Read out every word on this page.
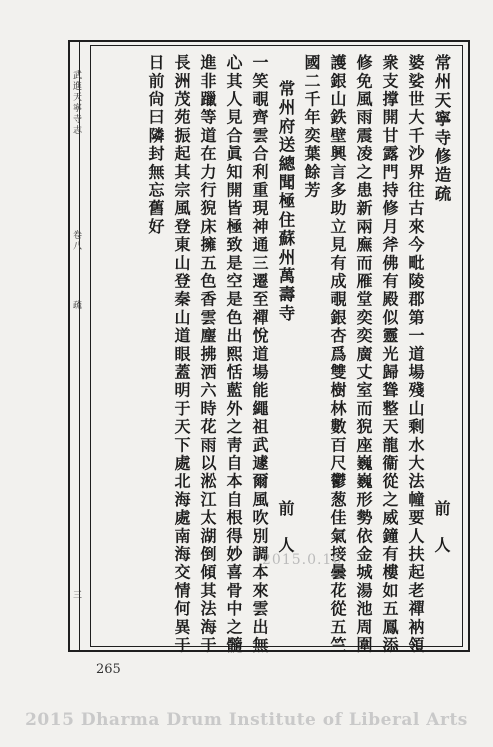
武進天寧寺志
卷八
疏
三
常州天寧寺修造疏
婆娑世大千沙界往古來今毗陵郡第一道場殘山剩水大法幢要人扶起老禪衲領
衆支撑開甘露門持修月斧佛有殿似靈光歸聳整天龍衞從之威鐘有樓如五鳳添
修免風雨震凌之患新兩廡而雁堂奕奕廣丈室而猊座巍巍形勢依金城湯池周圍
護銀山鉄壁興言多助立見有成覗銀杏爲雙樹林數百尺鬱葱佳氣接曇花從五竺
國二千年奕葉餘芳
常州府送總聞極住蘇州萬壽寺
一笑覗齊雲合利重現神通三遷至禪悅道場能繩祖武遽爾風吹別調本來雲出無
心其人見合眞知開皆極致是空是色出熙恬藍外之靑自本自根得妙喜骨中之髓
進非躐等道在力行猊床擁五色香雲麈拂洒六時花雨以淞江太湖倒傾其法海于
長洲茂苑振起其宗風登東山登秦山道眼蓋明于天下處北海處南海交情何異于
日前尙曰隣封無忘舊好
前　人
前　人
2015.0.16
265
2015 Dharma Drum Institute of Liberal Arts
